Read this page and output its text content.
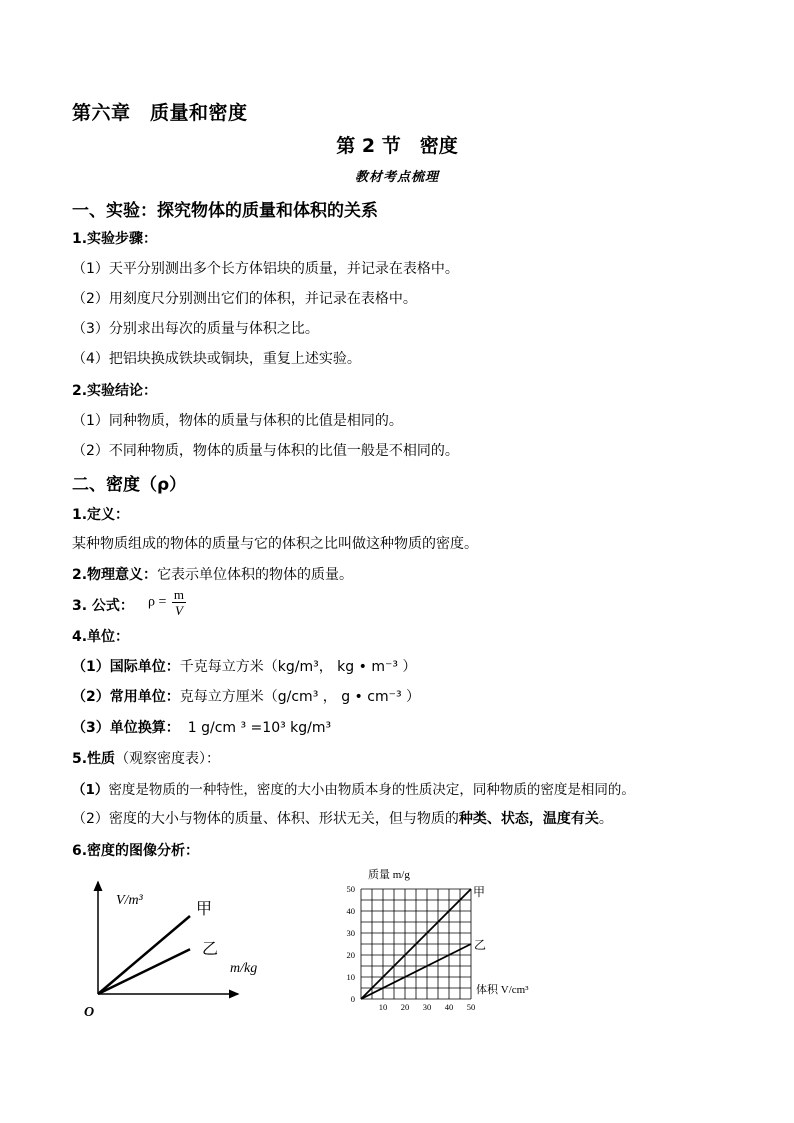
第六章　质量和密度
第 2 节　密度
教材考点梳理
一、实验：探究物体的质量和体积的关系
1.实验步骤：
（1）天平分别测出多个长方体铝块的质量，并记录在表格中。
（2）用刻度尺分别测出它们的体积，并记录在表格中。
（3）分别求出每次的质量与体积之比。
（4）把铝块换成铁块或铜块，重复上述实验。
2.实验结论：
（1）同种物质，物体的质量与体积的比值是相同的。
（2）不同种物质，物体的质量与体积的比值一般是不相同的。
二、密度（ρ）
1.定义：
某种物质组成的物体的质量与它的体积之比叫做这种物质的密度。
2.物理意义：它表示单位体积的物体的质量。
3. 公式： $\rho = \frac{m}{V}$
4.单位：
（1）国际单位：千克每立方米（kg/m³， kg • m⁻³ ）
（2）常用单位：克每立方厘米（g/cm³ ， g • cm⁻³ ）
（3）单位换算： 1 g/cm ³ =10³ kg/m³
5.性质（观察密度表）：
（1）密度是物质的一种特性，密度的大小由物质本身的性质决定，同种物质的密度是相同的。
（2）密度的大小与物体的质量、体积、形状无关，但与物质的种类、状态，温度有关。
6.密度的图像分析：
V/m³
m/kg
O
甲
乙
10 20 30 40 50
0
10
20
30
40
50
质量 m/g
体积 V/cm³
甲
乙
